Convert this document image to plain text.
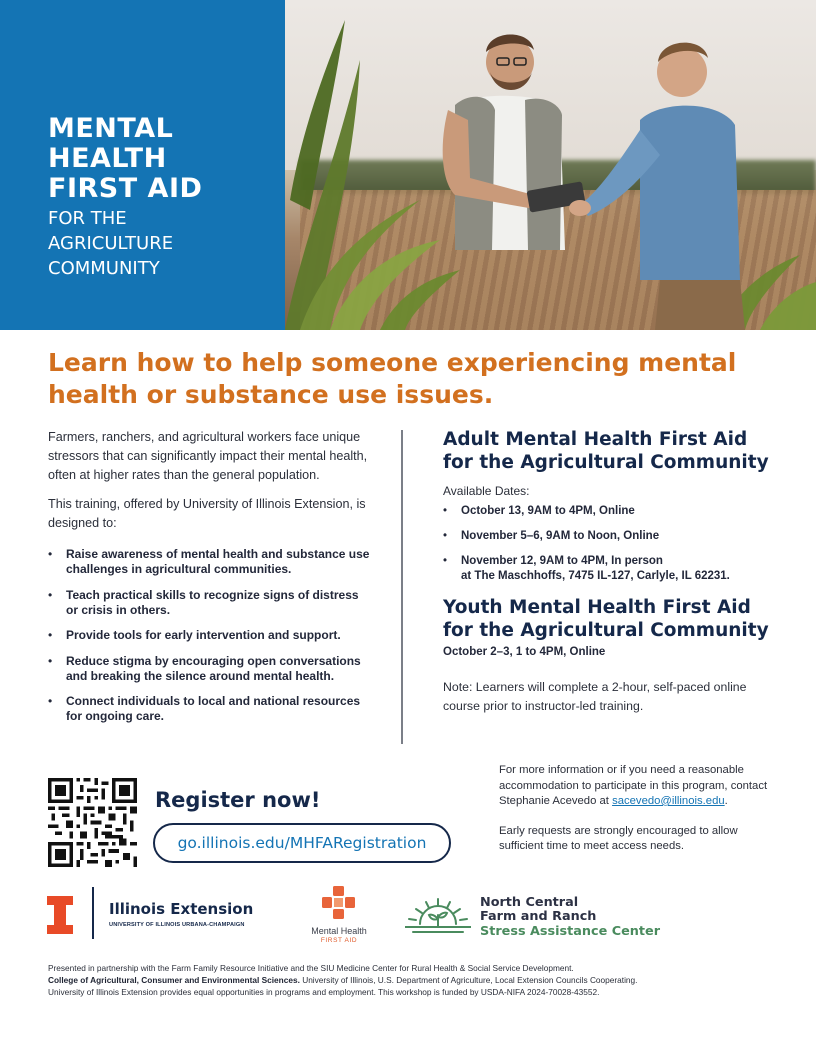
MENTAL
HEALTH
FIRST AID
FOR THE
AGRICULTURE
COMMUNITY
Learn how to help someone experiencing mental health or substance use issues.

Farmers, ranchers, and agricultural workers face unique stressors that can significantly impact their mental health, often at higher rates than the general population.

This training, offered by University of Illinois Extension, is designed to:

• Raise awareness of mental health and substance use challenges in agricultural communities.
• Teach practical skills to recognize signs of distress or crisis in others.
• Provide tools for early intervention and support.
• Reduce stigma by encouraging open conversations and breaking the silence around mental health.
• Connect individuals to local and national resources for ongoing care.
Adult Mental Health First Aid
for the Agricultural Community
Available Dates:
• October 13, 9AM to 4PM, Online
• November 5–6, 9AM to Noon, Online
• November 12, 9AM to 4PM, In person
at The Maschhoffs, 7475 IL-127, Carlyle, IL 62231.
Youth Mental Health First Aid
for the Agricultural Community
October 2–3, 1 to 4PM, Online

Note: Learners will complete a 2-hour, self-paced online course prior to instructor-led training.

Register now!
go.illinois.edu/MHFARegistration

For more information or if you need a reasonable accommodation to participate in this program, contact Stephanie Acevedo at sacevedo@illinois.edu.

Early requests are strongly encouraged to allow sufficient time to meet access needs.

Illinois Extension
UNIVERSITY OF ILLINOIS URBANA-CHAMPAIGN
Mental Health
FIRST AID
North Central
Farm and Ranch
Stress Assistance Center
Presented in partnership with the Farm Family Resource Initiative and the SIU Medicine Center for Rural Health & Social Service Development.
College of Agricultural, Consumer and Environmental Sciences. University of Illinois, U.S. Department of Agriculture, Local Extension Councils Cooperating.
University of Illinois Extension provides equal opportunities in programs and employment. This workshop is funded by USDA-NIFA 2024-70028-43552.
